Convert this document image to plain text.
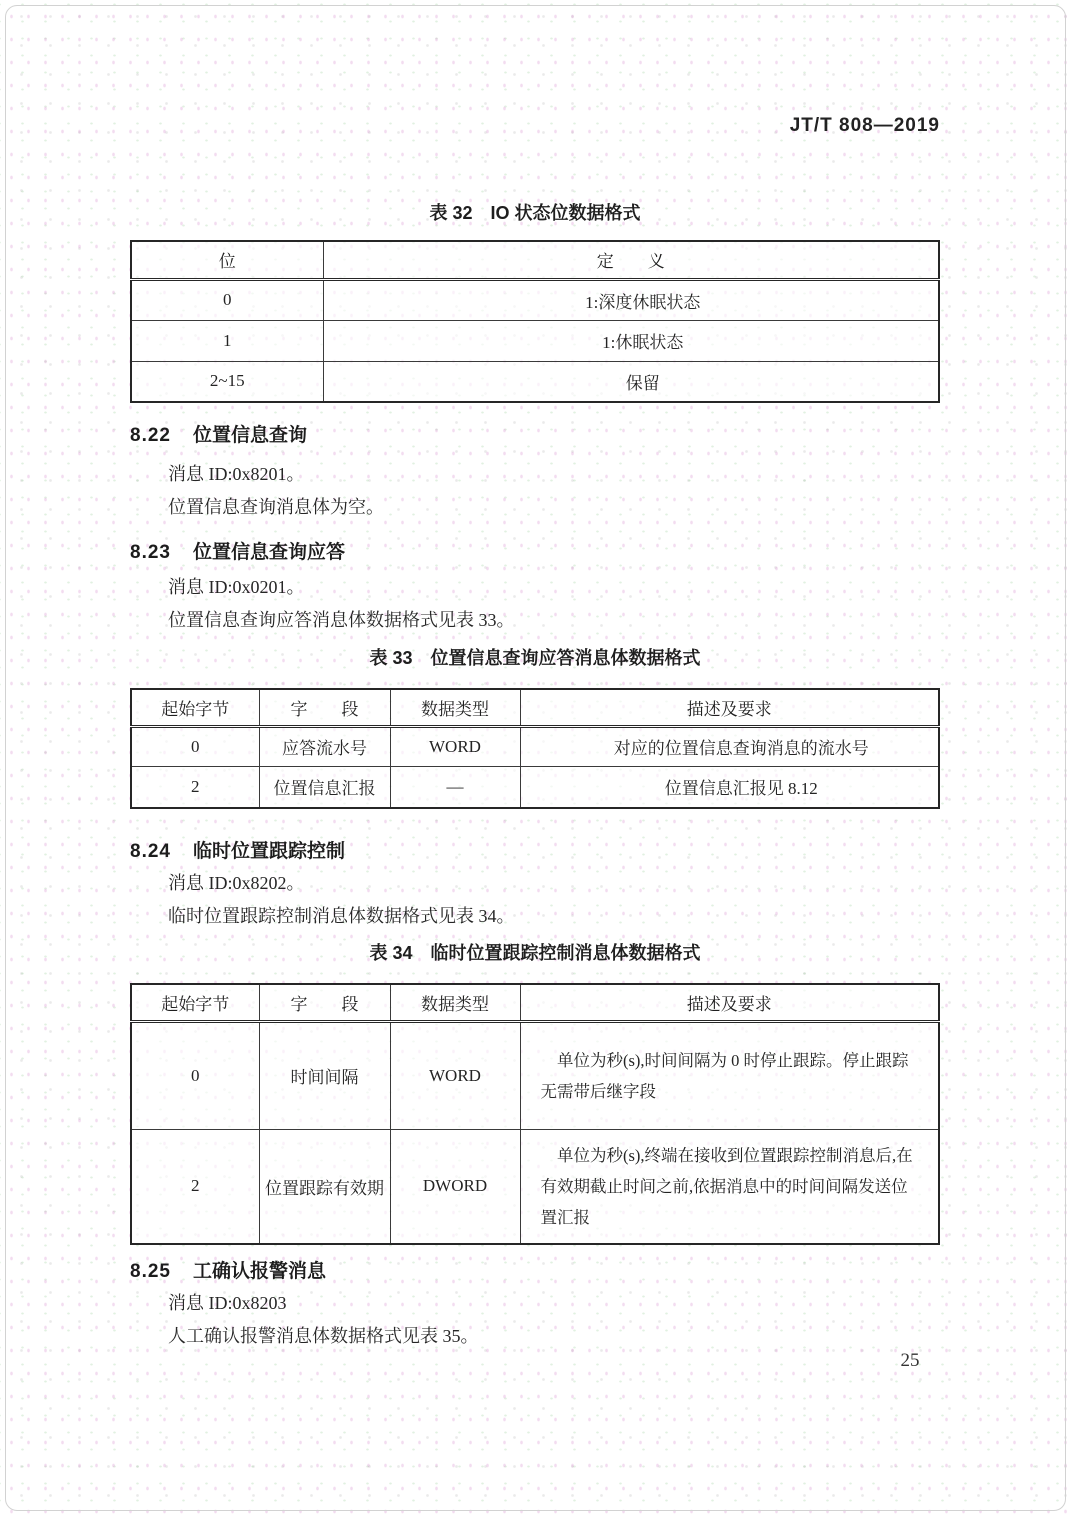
JT/T 808—2019
表 32　IO 状态位数据格式
位	定　　义
0	1:深度休眠状态
1	1:休眠状态
2~15	保留
8.22 位置信息查询
消息 ID:0x8201。
位置信息查询消息体为空。
8.23 位置信息查询应答
消息 ID:0x0201。
位置信息查询应答消息体数据格式见表 33。
表 33　位置信息查询应答消息体数据格式
起始字节	字　　段	数据类型	描述及要求
0	应答流水号	WORD	对应的位置信息查询消息的流水号
2	位置信息汇报	—	位置信息汇报见 8.12
8.24 临时位置跟踪控制
消息 ID:0x8202。
临时位置跟踪控制消息体数据格式见表 34。
表 34　临时位置跟踪控制消息体数据格式
起始字节	字　　段	数据类型	描述及要求
0	时间间隔	WORD	单位为秒(s),时间间隔为 0 时停止跟踪。停止跟踪无需带后继字段
2	位置跟踪有效期	DWORD	单位为秒(s),终端在接收到位置跟踪控制消息后,在有效期截止时间之前,依据消息中的时间间隔发送位置汇报
8.25 工确认报警消息
消息 ID:0x8203
人工确认报警消息体数据格式见表 35。
25
